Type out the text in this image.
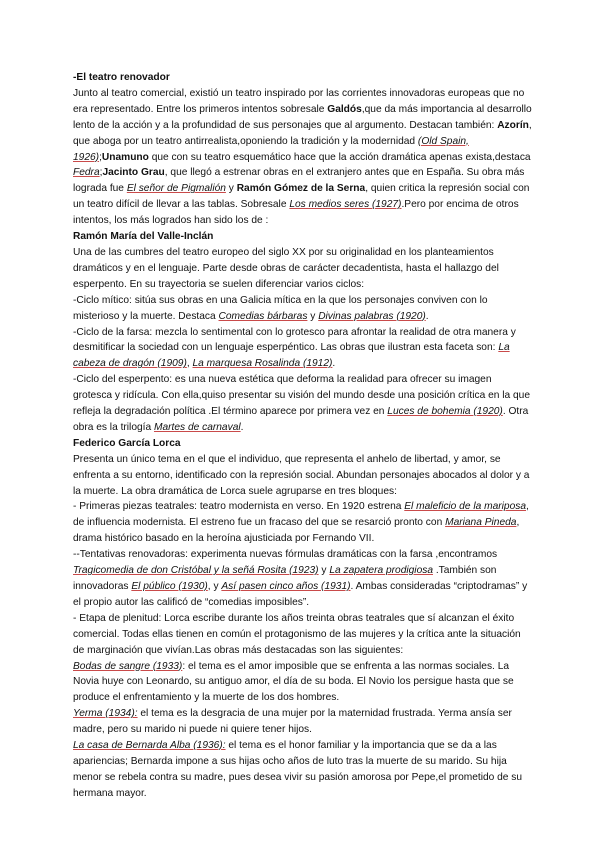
-El teatro renovador

Junto al teatro comercial, existió un teatro inspirado por las corrientes innovadoras europeas que no era representado. Entre los primeros intentos sobresale Galdós,que da más importancia al desarrollo lento de la acción y a la profundidad de sus personajes que al argumento. Destacan también: Azorín, que aboga por un teatro antirrealista,oponiendo la tradición y la modernidad (Old Spain, 1926);Unamuno que con su teatro esquemático hace que la acción dramática apenas exista,destaca Fedra;Jacinto Grau, que llegó a estrenar obras en el extranjero antes que en España. Su obra más lograda fue El señor de Pigmalión y Ramón Gómez de la Serna, quien critica la represión social con un teatro difícil de llevar a las tablas. Sobresale Los medios seres (1927).Pero por encima de otros intentos, los más logrados han sido los de :

Ramón María del Valle-Inclán

Una de las cumbres del teatro europeo del siglo XX por su originalidad en los planteamientos dramáticos y en el lenguaje. Parte desde obras de carácter decadentista, hasta el hallazgo del esperpento. En su trayectoria se suelen diferenciar varios ciclos:

-Ciclo mítico: sitúa sus obras en una Galicia mítica en la que los personajes conviven con lo misterioso y la muerte. Destaca Comedias bárbaras y Divinas palabras (1920).

-Ciclo de la farsa: mezcla lo sentimental con lo grotesco para afrontar la realidad de otra manera y desmitificar la sociedad con un lenguaje esperpéntico. Las obras que ilustran esta faceta son: La cabeza de dragón (1909), La marquesa Rosalinda (1912).

-Ciclo del esperpento: es una nueva estética que deforma la realidad para ofrecer su imagen grotesca y ridícula. Con ella,quiso presentar su visión del mundo desde una posición crítica en la que refleja la degradación política .El término aparece por primera vez en Luces de bohemia (1920). Otra obra es la trilogía Martes de carnaval.

Federico García Lorca

Presenta un único tema en el que el individuo, que representa el anhelo de libertad, y amor, se enfrenta a su entorno, identificado con la represión social. Abundan personajes abocados al dolor y a la muerte. La obra dramática de Lorca suele agruparse en tres bloques:

- Primeras piezas teatrales: teatro modernista en verso. En 1920 estrena El maleficio de la mariposa, de influencia modernista. El estreno fue un fracaso del que se resarció pronto con Mariana Pineda, drama histórico basado en la heroína ajusticiada por Fernando VII.

--Tentativas renovadoras: experimenta nuevas fórmulas dramáticas con la farsa ,encontramos Tragicomedia de don Cristóbal y la señá Rosita (1923) y La zapatera prodigiosa .También son innovadoras El público (1930), y Así pasen cinco años (1931). Ambas consideradas “criptodramas” y el propio autor las calificó de “comedias imposibles”.

- Etapa de plenitud: Lorca escribe durante los años treinta obras teatrales que sí alcanzan el éxito comercial. Todas ellas tienen en común el protagonismo de las mujeres y la crítica ante la situación de marginación que vivían.Las obras más destacadas son las siguientes:

Bodas de sangre (1933): el tema es el amor imposible que se enfrenta a las normas sociales. La Novia huye con Leonardo, su antiguo amor, el día de su boda. El Novio los persigue hasta que se produce el enfrentamiento y la muerte de los dos hombres.

Yerma (1934): el tema es la desgracia de una mujer por la maternidad frustrada. Yerma ansía ser madre, pero su marido ni puede ni quiere tener hijos.

La casa de Bernarda Alba (1936): el tema es el honor familiar y la importancia que se da a las apariencias; Bernarda impone a sus hijas ocho años de luto tras la muerte de su marido. Su hija menor se rebela contra su madre, pues desea vivir su pasión amorosa por Pepe,el prometido de su hermana mayor.
